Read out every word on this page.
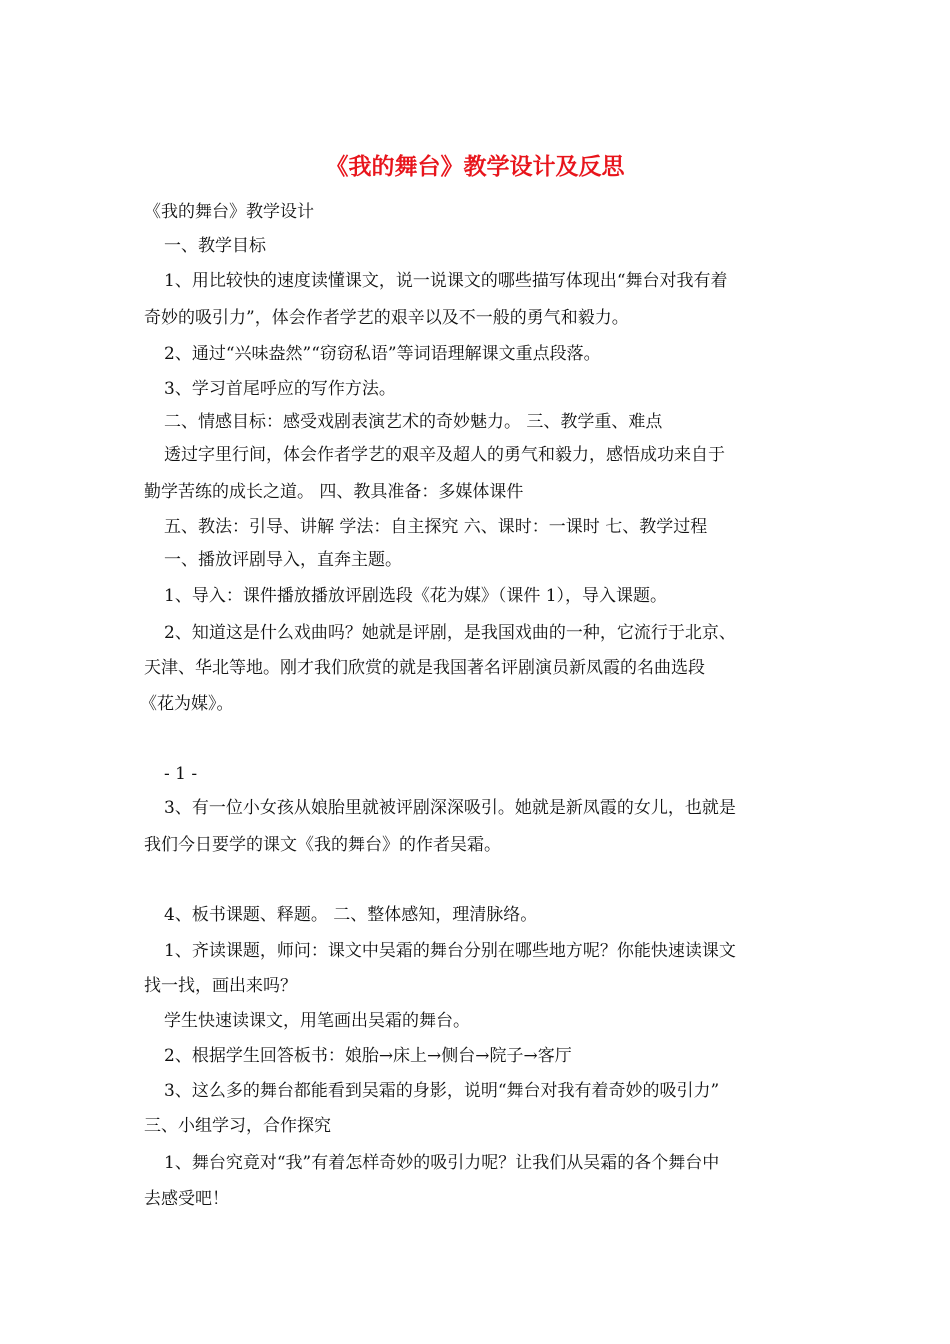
《我的舞台》教学设计及反思
《我的舞台》教学设计
一、教学目标
1、用比较快的速度读懂课文，说一说课文的哪些描写体现出“舞台对我有着
奇妙的吸引力”，体会作者学艺的艰辛以及不一般的勇气和毅力。
2、通过“兴味盎然”“窃窃私语”等词语理解课文重点段落。
3、学习首尾呼应的写作方法。
二、情感目标：感受戏剧表演艺术的奇妙魅力。 三、教学重、难点
透过字里行间，体会作者学艺的艰辛及超人的勇气和毅力，感悟成功来自于
勤学苦练的成长之道。 四、教具准备：多媒体课件
五、教法：引导、讲解 学法：自主探究 六、课时：一课时 七、教学过程
一、播放评剧导入，直奔主题。
1、导入：课件播放播放评剧选段《花为媒》（课件 1），导入课题。
2、知道这是什么戏曲吗？她就是评剧，是我国戏曲的一种，它流行于北京、
天津、华北等地。刚才我们欣赏的就是我国著名评剧演员新凤霞的名曲选段
《花为媒》。
- 1 -
3、有一位小女孩从娘胎里就被评剧深深吸引。她就是新凤霞的女儿，也就是
我们今日要学的课文《我的舞台》的作者吴霜。
4、板书课题、释题。 二、整体感知，理清脉络。
1、齐读课题，师问：课文中吴霜的舞台分别在哪些地方呢？你能快速读课文
找一找，画出来吗？
学生快速读课文，用笔画出吴霜的舞台。
2、根据学生回答板书：娘胎→床上→侧台→院子→客厅
3、这么多的舞台都能看到吴霜的身影，说明“舞台对我有着奇妙的吸引力”
三、小组学习，合作探究
1、舞台究竟对“我”有着怎样奇妙的吸引力呢？让我们从吴霜的各个舞台中
去感受吧！
